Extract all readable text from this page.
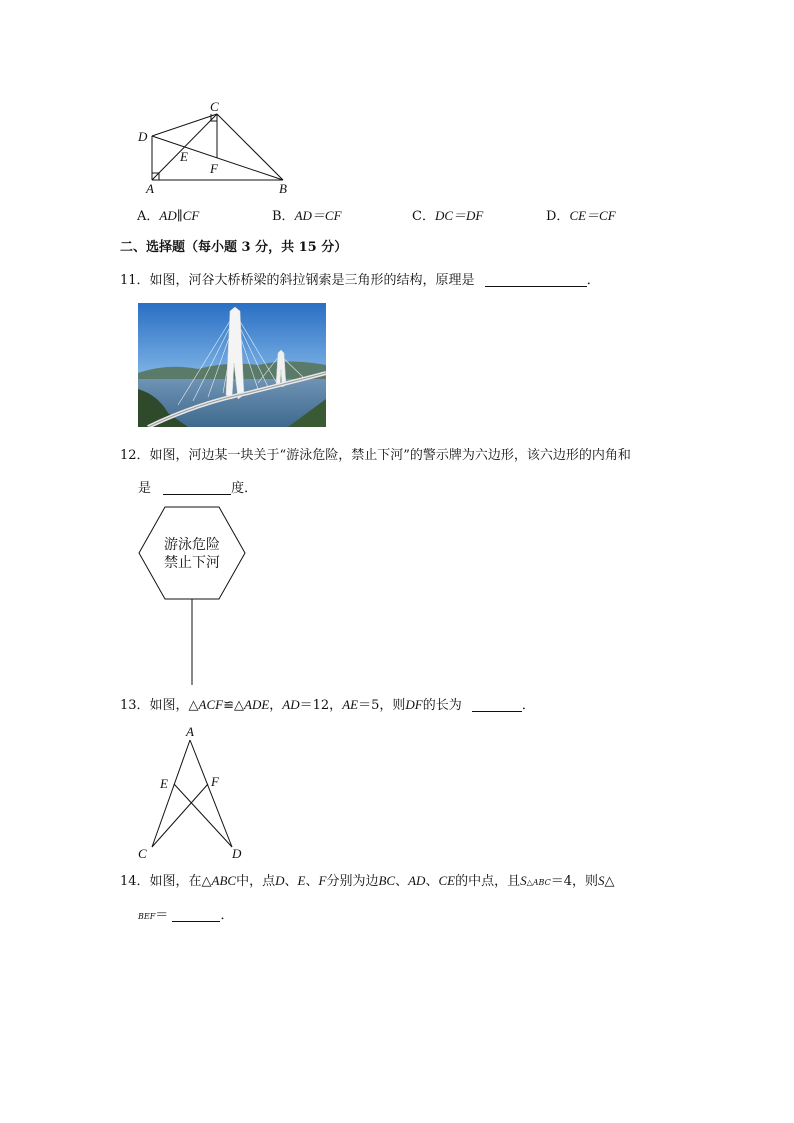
C
D
E
F
A	B
A．AD∥CF	B．AD＝CF	C．DC＝DF	D．CE＝CF
二、选择题（每小题 3 分，共 15 分）
11．如图，河谷大桥桥梁的斜拉钢索是三角形的结构，原理是	．
12．如图，河边某一块关于“游泳危险，禁止下河”的警示牌为六边形，该六边形的内角和
是	度．
游泳危险
禁止下河
13．如图，△ACF≌△ADE，AD＝12，AE＝5，则DF的长为	．
A
E	F
C	D
14．如图，在△ABC中，点D、E、F分别为边BC、AD、CE的中点，且S△ABC＝4，则S△
BEF＝	．
